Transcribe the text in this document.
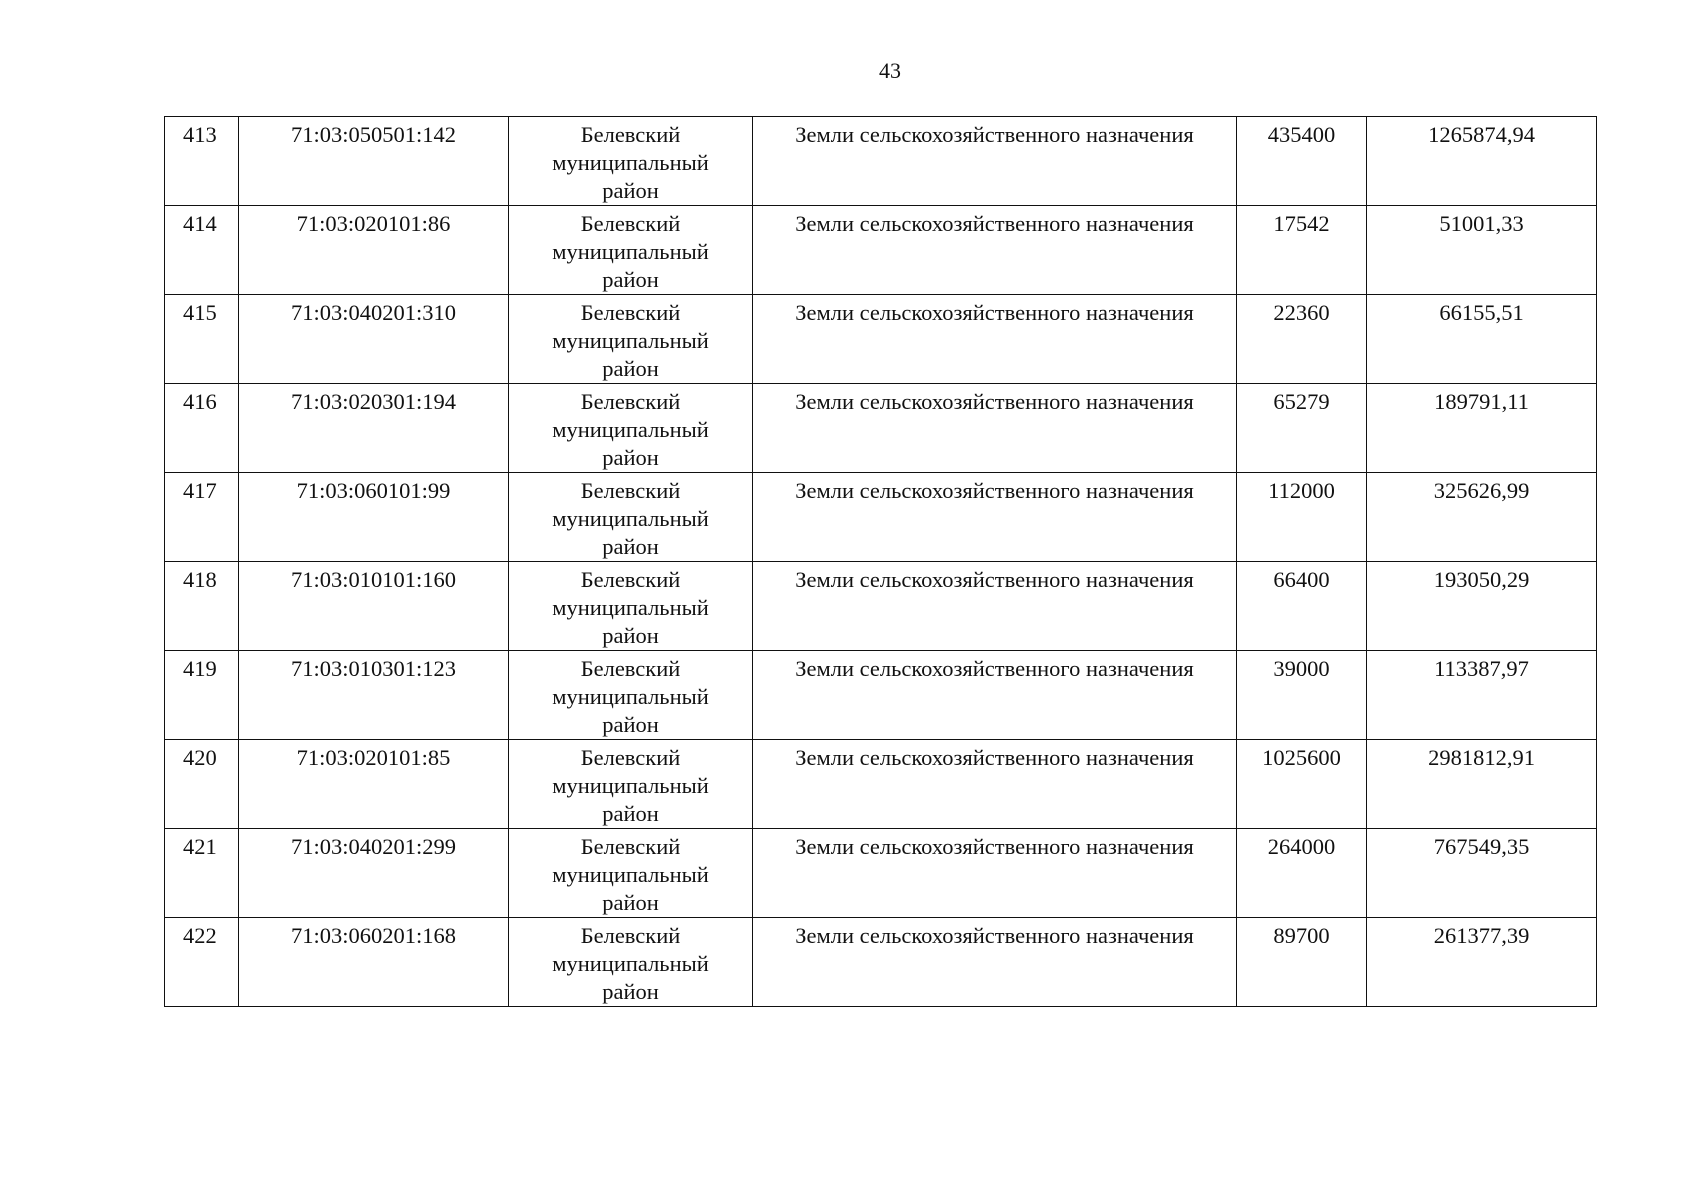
43
413	71:03:050501:142	Белевский
муниципальный
район	Земли сельскохозяйственного назначения	435400	1265874,94
414	71:03:020101:86	Белевский
муниципальный
район	Земли сельскохозяйственного назначения	17542	51001,33
415	71:03:040201:310	Белевский
муниципальный
район	Земли сельскохозяйственного назначения	22360	66155,51
416	71:03:020301:194	Белевский
муниципальный
район	Земли сельскохозяйственного назначения	65279	189791,11
417	71:03:060101:99	Белевский
муниципальный
район	Земли сельскохозяйственного назначения	112000	325626,99
418	71:03:010101:160	Белевский
муниципальный
район	Земли сельскохозяйственного назначения	66400	193050,29
419	71:03:010301:123	Белевский
муниципальный
район	Земли сельскохозяйственного назначения	39000	113387,97
420	71:03:020101:85	Белевский
муниципальный
район	Земли сельскохозяйственного назначения	1025600	2981812,91
421	71:03:040201:299	Белевский
муниципальный
район	Земли сельскохозяйственного назначения	264000	767549,35
422	71:03:060201:168	Белевский
муниципальный
район	Земли сельскохозяйственного назначения	89700	261377,39
